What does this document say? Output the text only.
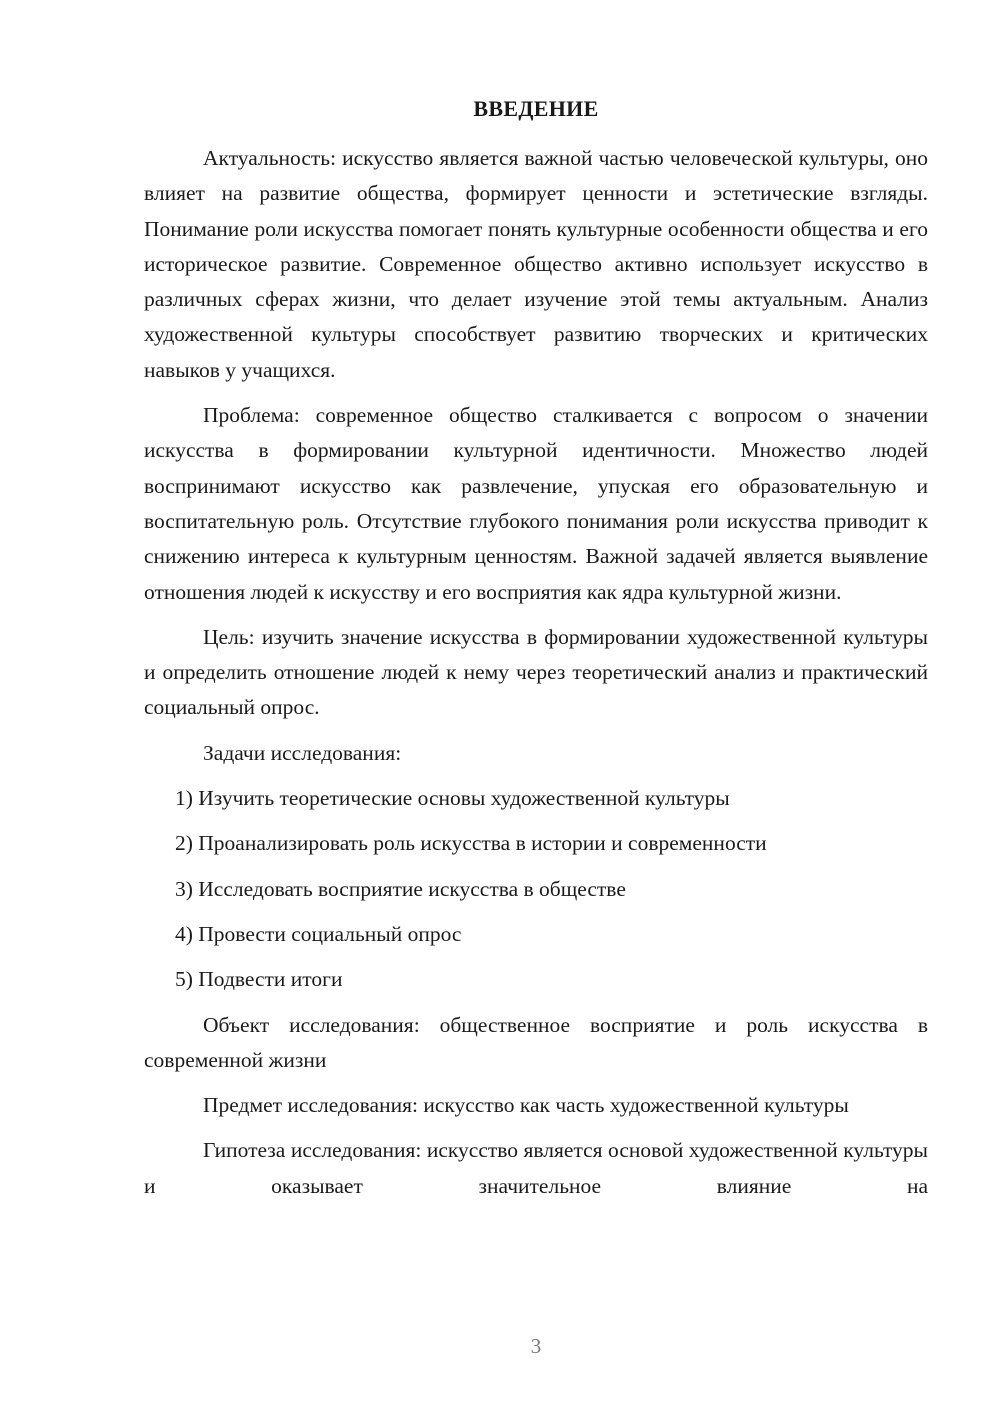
ВВЕДЕНИЕ

Актуальность: искусство является важной частью человеческой культуры, оно влияет на развитие общества, формирует ценности и эстетические взгляды. Понимание роли искусства помогает понять культурные особенности общества и его историческое развитие. Современное общество активно использует искусство в различных сферах жизни, что делает изучение этой темы актуальным. Анализ художественной культуры способствует развитию творческих и критических навыков у учащихся.

Проблема: современное общество сталкивается с вопросом о значении искусства в формировании культурной идентичности. Множество людей воспринимают искусство как развлечение, упуская его образовательную и воспитательную роль. Отсутствие глубокого понимания роли искусства приводит к снижению интереса к культурным ценностям. Важной задачей является выявление отношения людей к искусству и его восприятия как ядра культурной жизни.

Цель: изучить значение искусства в формировании художественной культуры и определить отношение людей к нему через теоретический анализ и практический социальный опрос.

Задачи исследования:
1) Изучить теоретические основы художественной культуры
2) Проанализировать роль искусства в истории и современности
3) Исследовать восприятие искусства в обществе
4) Провести социальный опрос
5) Подвести итоги

Объект исследования: общественное восприятие и роль искусства в современной жизни

Предмет исследования: искусство как часть художественной культуры

Гипотеза исследования: искусство является основой художественной культуры и оказывает значительное влияние на

3
